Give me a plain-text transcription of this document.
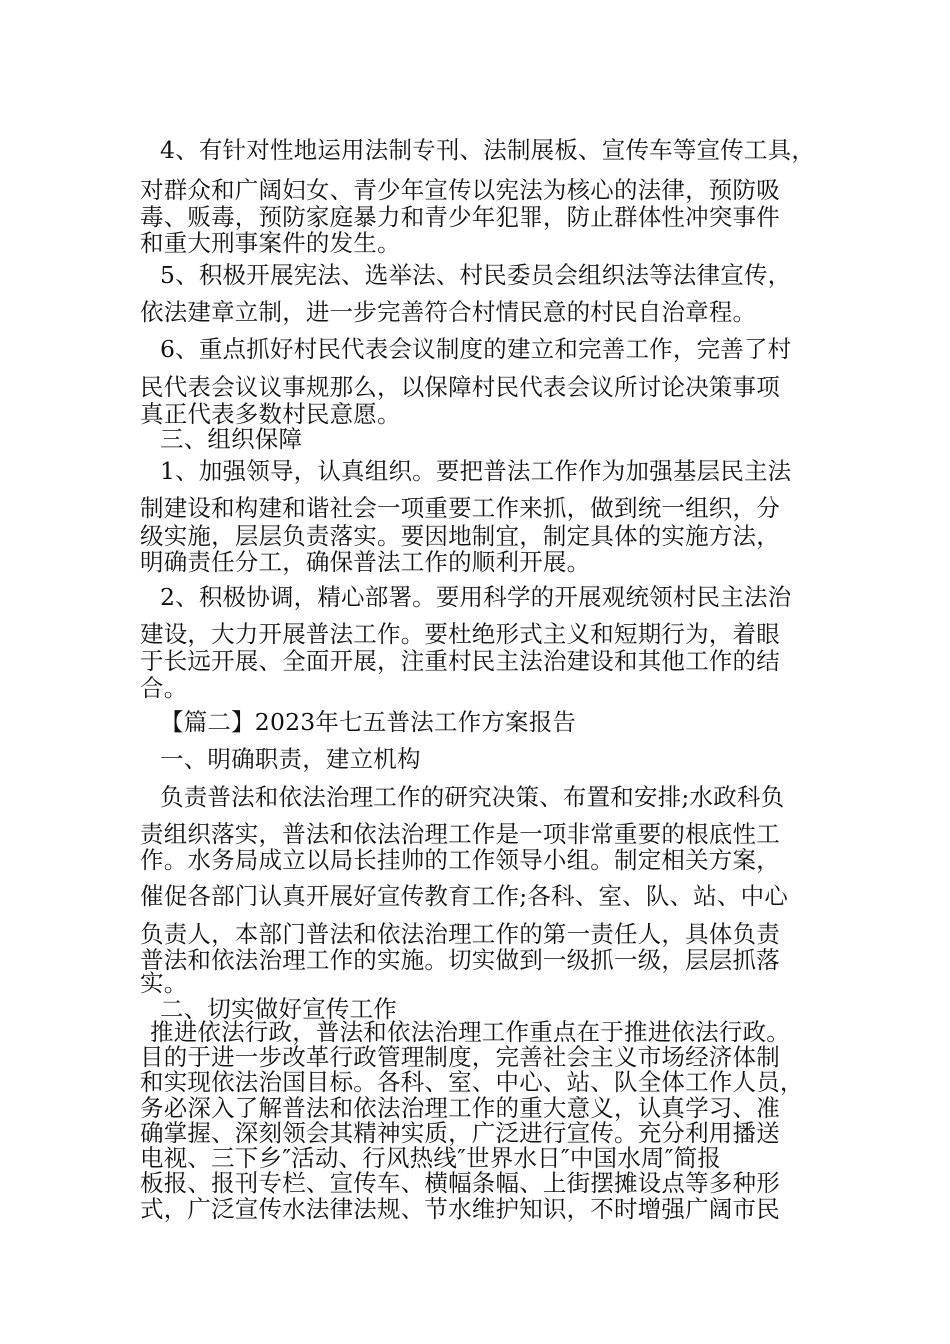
4、有针对性地运用法制专刊、法制展板、宣传车等宣传工具，
对群众和广阔妇女、青少年宣传以宪法为核心的法律，预防吸
毒、贩毒，预防家庭暴力和青少年犯罪，防止群体性冲突事件
和重大刑事案件的发生。
5、积极开展宪法、选举法、村民委员会组织法等法律宣传，
依法建章立制，进一步完善符合村情民意的村民自治章程。
6、重点抓好村民代表会议制度的建立和完善工作，完善了村
民代表会议议事规那么，以保障村民代表会议所讨论决策事项
真正代表多数村民意愿。
三、组织保障
1、加强领导，认真组织。要把普法工作作为加强基层民主法
制建设和构建和谐社会一项重要工作来抓，做到统一组织，分
级实施，层层负责落实。要因地制宜，制定具体的实施方法，
明确责任分工，确保普法工作的顺利开展。
2、积极协调，精心部署。要用科学的开展观统领村民主法治
建设，大力开展普法工作。要杜绝形式主义和短期行为，着眼
于长远开展、全面开展，注重村民主法治建设和其他工作的结
合。
【篇二】2023年七五普法工作方案报告
一、明确职责，建立机构
负责普法和依法治理工作的研究决策、布置和安排;水政科负
责组织落实，普法和依法治理工作是一项非常重要的根底性工
作。水务局成立以局长挂帅的工作领导小组。制定相关方案，
催促各部门认真开展好宣传教育工作;各科、室、队、站、中心
负责人，本部门普法和依法治理工作的第一责任人，具体负责
普法和依法治理工作的实施。切实做到一级抓一级，层层抓落
实。
二、切实做好宣传工作
推进依法行政，普法和依法治理工作重点在于推进依法行政。
目的于进一步改革行政管理制度，完善社会主义市场经济体制
和实现依法治国目标。各科、室、中心、站、队全体工作人员，
务必深入了解普法和依法治理工作的重大意义，认真学习、准
确掌握、深刻领会其精神实质，广泛进行宣传。充分利用播送
电视、三下乡″活动、行风热线″世界水日″中国水周″简报
板报、报刊专栏、宣传车、横幅条幅、上街摆摊设点等多种形
式，广泛宣传水法律法规、节水维护知识，不时增强广阔市民
